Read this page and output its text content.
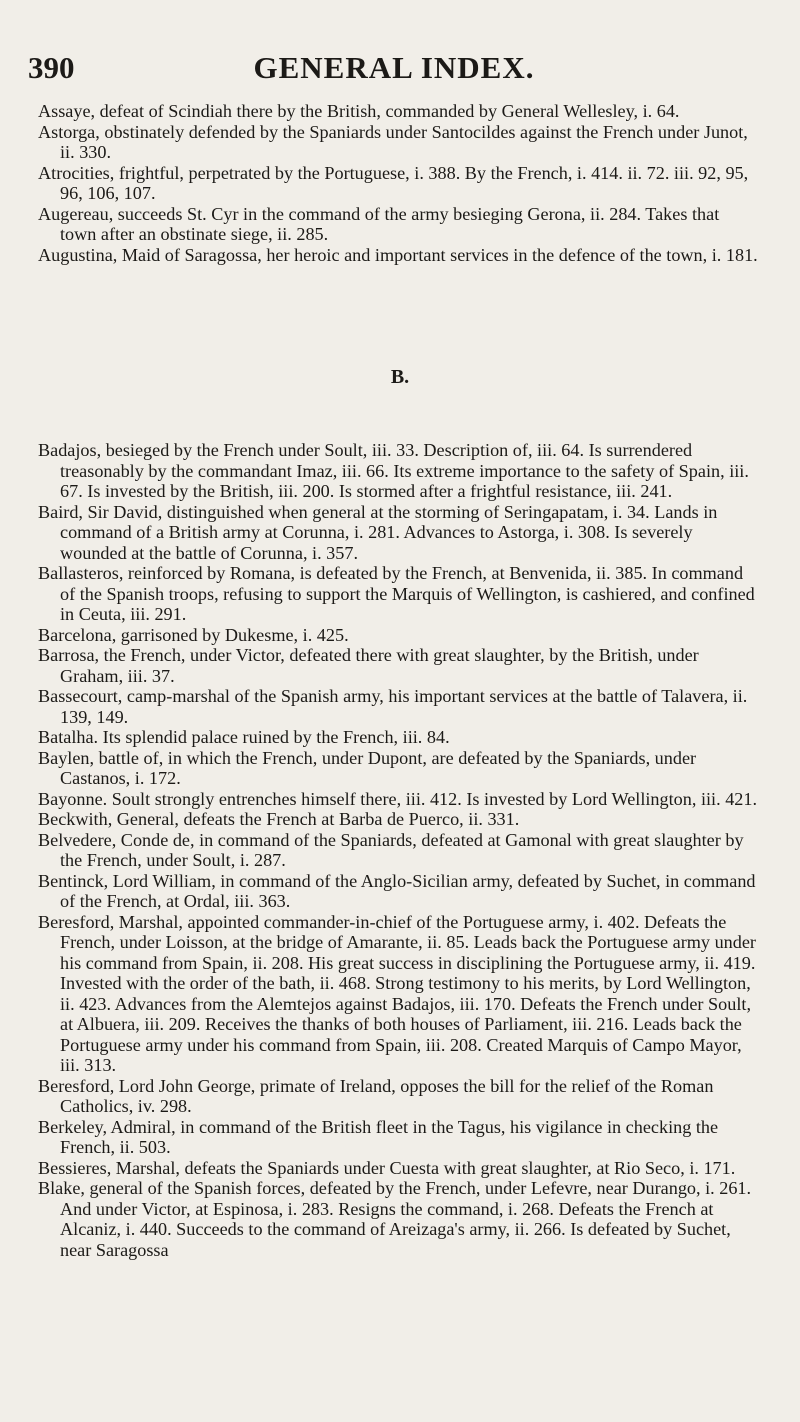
390	GENERAL INDEX.

Assaye, defeat of Scindiah there by the British, commanded by General Wellesley, i. 64.

Astorga, obstinately defended by the Spaniards under Santocildes against the French under Junot, ii. 330.

Atrocities, frightful, perpetrated by the Portuguese, i. 388. By the French, i. 414. ii. 72. iii. 92, 95, 96, 106, 107.

Augereau, succeeds St. Cyr in the command of the army besieging Gerona, ii. 284. Takes that town after an obstinate siege, ii. 285.

Augustina, Maid of Saragossa, her heroic and important services in the defence of the town, i. 181.

B.

Badajos, besieged by the French under Soult, iii. 33. Description of, iii. 64. Is surrendered treasonably by the commandant Imaz, iii. 66. Its extreme importance to the safety of Spain, iii. 67. Is invested by the British, iii. 200. Is stormed after a frightful resistance, iii. 241.

Baird, Sir David, distinguished when general at the storming of Seringapatam, i. 34. Lands in command of a British army at Corunna, i. 281. Advances to Astorga, i. 308. Is severely wounded at the battle of Corunna, i. 357.

Ballasteros, reinforced by Romana, is defeated by the French, at Benvenida, ii. 385. In command of the Spanish troops, refusing to support the Marquis of Wellington, is cashiered, and confined in Ceuta, iii. 291.

Barcelona, garrisoned by Dukesme, i. 425.

Barrosa, the French, under Victor, defeated there with great slaughter, by the British, under Graham, iii. 37.

Bassecourt, camp-marshal of the Spanish army, his important services at the battle of Talavera, ii. 139, 149.

Batalha. Its splendid palace ruined by the French, iii. 84.

Baylen, battle of, in which the French, under Dupont, are defeated by the Spaniards, under Castanos, i. 172.

Bayonne. Soult strongly entrenches himself there, iii. 412. Is invested by Lord Wellington, iii. 421.

Beckwith, General, defeats the French at Barba de Puerco, ii. 331.

Belvedere, Conde de, in command of the Spaniards, defeated at Gamonal with great slaughter by the French, under Soult, i. 287.

Bentinck, Lord William, in command of the Anglo-Sicilian army, defeated by Suchet, in command of the French, at Ordal, iii. 363.

Beresford, Marshal, appointed commander-in-chief of the Portuguese army, i. 402. Defeats the French, under Loisson, at the bridge of Amarante, ii. 85. Leads back the Portuguese army under his command from Spain, ii. 208. His great success in disciplining the Portuguese army, ii. 419. Invested with the order of the bath, ii. 468. Strong testimony to his merits, by Lord Wellington, ii. 423. Advances from the Alemtejos against Badajos, iii. 170. Defeats the French under Soult, at Albuera, iii. 209. Receives the thanks of both houses of Parliament, iii. 216. Leads back the Portuguese army under his command from Spain, iii. 208. Created Marquis of Campo Mayor, iii. 313.

Beresford, Lord John George, primate of Ireland, opposes the bill for the relief of the Roman Catholics, iv. 298.

Berkeley, Admiral, in command of the British fleet in the Tagus, his vigilance in checking the French, ii. 503.

Bessieres, Marshal, defeats the Spaniards under Cuesta with great slaughter, at Rio Seco, i. 171.

Blake, general of the Spanish forces, defeated by the French, under Lefevre, near Durango, i. 261. And under Victor, at Espinosa, i. 283. Resigns the command, i. 268. Defeats the French at Alcaniz, i. 440. Succeeds to the command of Areizaga's army, ii. 266. Is defeated by Suchet, near Saragossa
